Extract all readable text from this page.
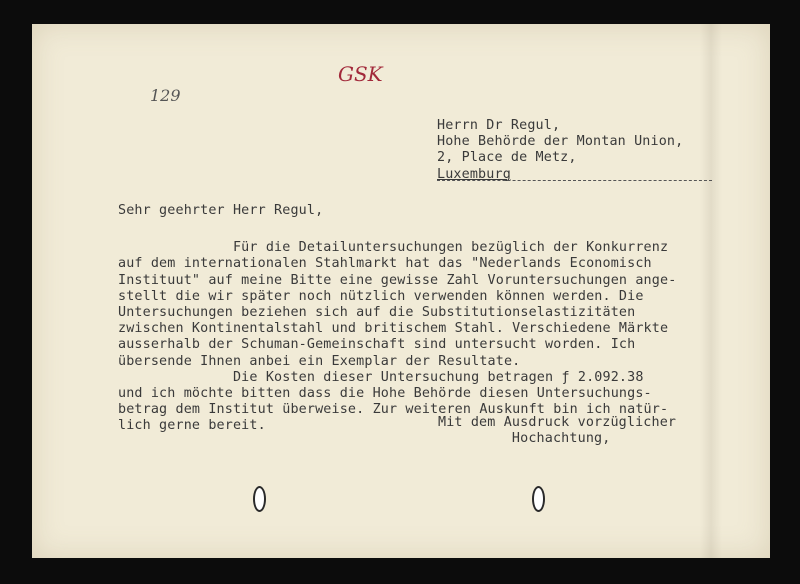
129
GSK
Herrn Dr Regul,
Hohe Behörde der Montan Union,
2, Place de Metz,
Luxemburg
Sehr geehrter Herr Regul,

Für die Detailuntersuchungen bezüglich der Konkurrenz
auf dem internationalen Stahlmarkt hat das "Nederlands Economisch
Instituut" auf meine Bitte eine gewisse Zahl Voruntersuchungen ange-
stellt die wir später noch nützlich verwenden können werden. Die
Untersuchungen beziehen sich auf die Substitutionselastizitäten
zwischen Kontinentalstahl und britischem Stahl. Verschiedene Märkte
ausserhalb der Schuman-Gemeinschaft sind untersucht worden. Ich
übersende Ihnen anbei ein Exemplar der Resultate.
Die Kosten dieser Untersuchung betragen ƒ 2.092.38
und ich möchte bitten dass die Hohe Behörde diesen Untersuchungs-
betrag dem Institut überweise. Zur weiteren Auskunft bin ich natür-
lich gerne bereit.	Mit dem Ausdruck vorzüglicher
Hochachtung,
